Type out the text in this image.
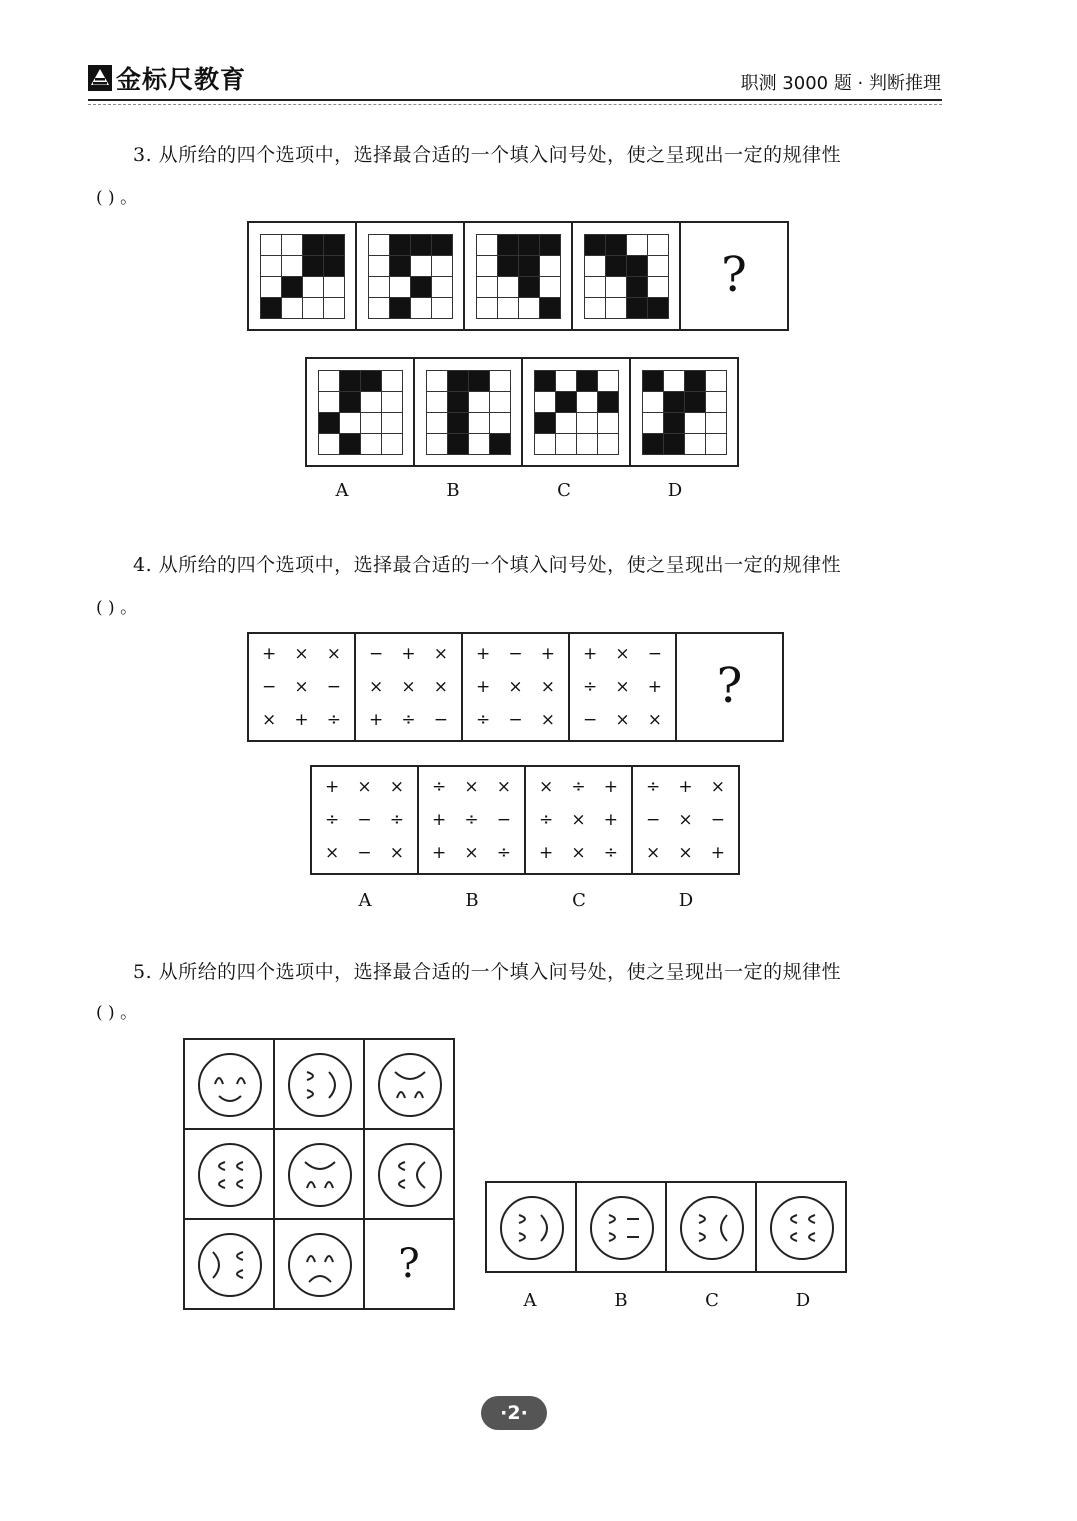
金标尺教育	职测 3000 题 · 判断推理
3. 从所给的四个选项中，选择最合适的一个填入问号处，使之呈现出一定的规律性
( ) 。

?

A

				B

				C

				D
4. 从所给的四个选项中，选择最合适的一个填入问号处，使之呈现出一定的规律性
( ) 。
+	×	×
−	×	−
×	+	÷
−	+	×
×	×	×
+	÷	−
+	−	+
+	×	×
÷	−	×
+	×	−
÷	×	+
−	×	×
?
+	×	×
÷	−	÷
×	−	×
A
÷	×	×
+	÷	−
+	×	÷
B
×	÷	+
÷	×	+
+	×	÷
C
÷	+	×
−	×	−
×	×	+
D
5. 从所给的四个选项中，选择最合适的一个填入问号处，使之呈现出一定的规律性
( ) 。
?
A	B	C	D
·2·
